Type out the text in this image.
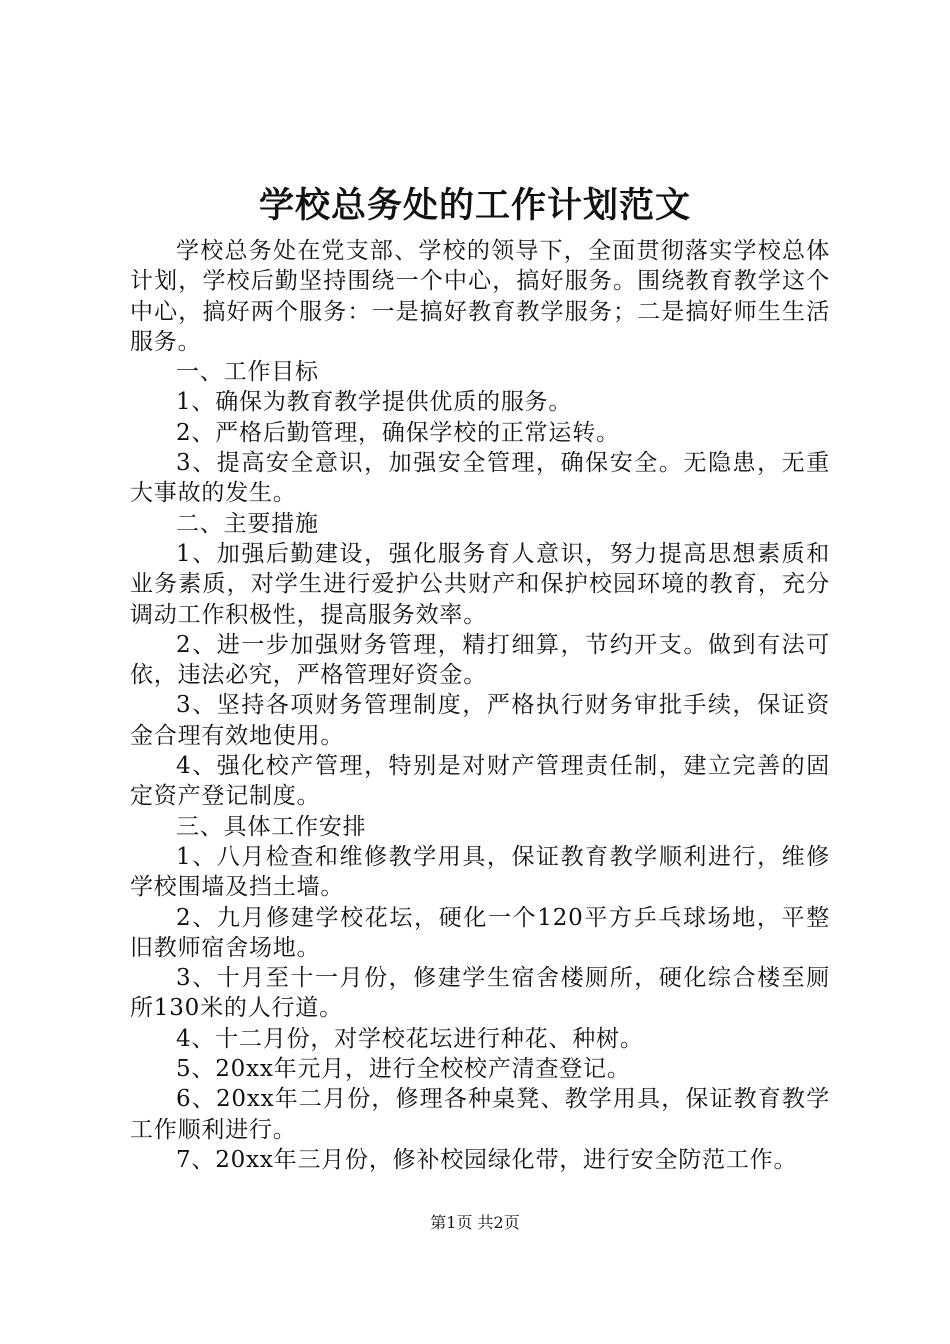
学校总务处的工作计划范文

学校总务处在党支部、学校的领导下，全面贯彻落实学校总体计划，学校后勤坚持围绕一个中心，搞好服务。围绕教育教学这个中心，搞好两个服务：一是搞好教育教学服务；二是搞好师生生活服务。

一、工作目标

1、确保为教育教学提供优质的服务。

2、严格后勤管理，确保学校的正常运转。

3、提高安全意识，加强安全管理，确保安全。无隐患，无重大事故的发生。

二、主要措施

1、加强后勤建设，强化服务育人意识，努力提高思想素质和业务素质，对学生进行爱护公共财产和保护校园环境的教育，充分调动工作积极性，提高服务效率。

2、进一步加强财务管理，精打细算，节约开支。做到有法可依，违法必究，严格管理好资金。

3、坚持各项财务管理制度，严格执行财务审批手续，保证资金合理有效地使用。

4、强化校产管理，特别是对财产管理责任制，建立完善的固定资产登记制度。

三、具体工作安排

1、八月检查和维修教学用具，保证教育教学顺利进行，维修学校围墙及挡土墙。

2、九月修建学校花坛，硬化一个120平方乒乓球场地，平整旧教师宿舍场地。

3、十月至十一月份，修建学生宿舍楼厕所，硬化综合楼至厕所130米的人行道。

4、十二月份，对学校花坛进行种花、种树。

5、20xx年元月，进行全校校产清查登记。

6、20xx年二月份，修理各种桌凳、教学用具，保证教育教学工作顺利进行。

7、20xx年三月份，修补校园绿化带，进行安全防范工作。

第1页 共2页
